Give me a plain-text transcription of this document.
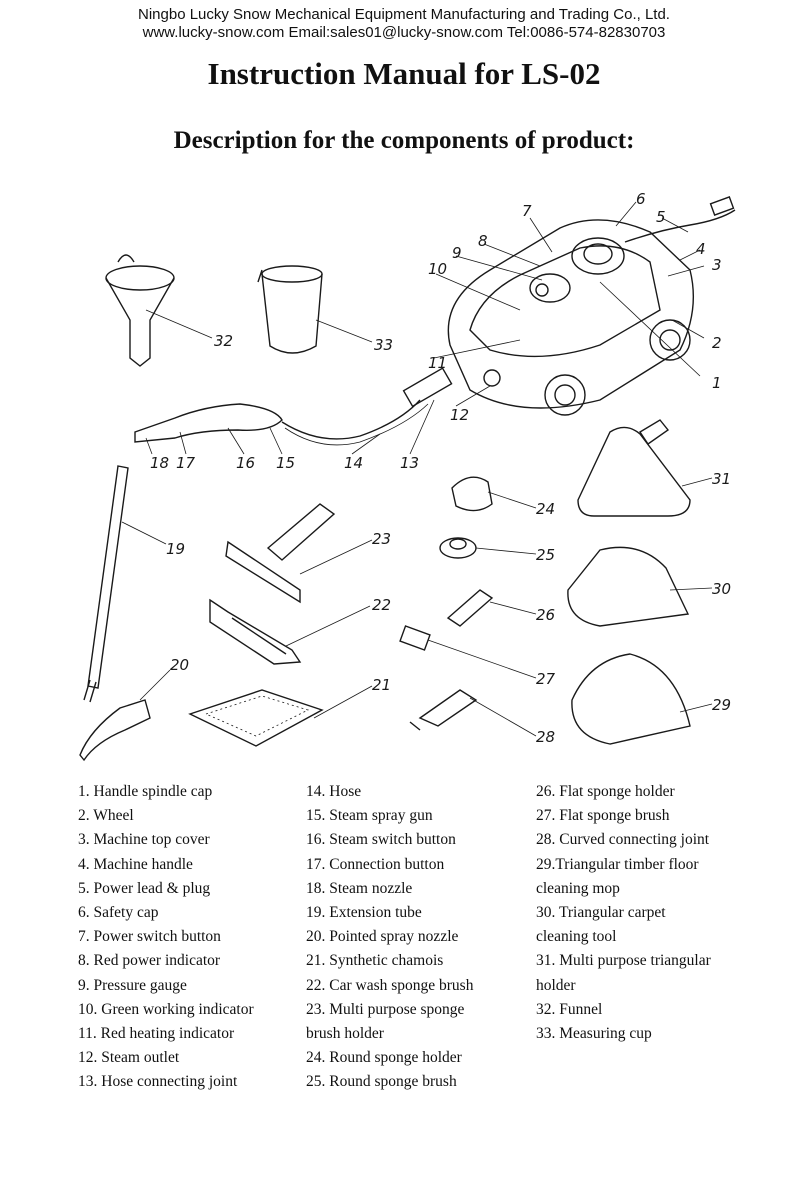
Ningbo Lucky Snow Mechanical Equipment Manufacturing and Trading Co., Ltd.
www.lucky-snow.com Email:sales01@lucky-snow.com Tel:0086-574-82830703
Instruction Manual for LS-02
Description for the components of product:
32	33
1
2
3
4
5
6
7
8
9
10
11
12
13
14
15
16
17
18
19
20
21
22
23
24
25
26
27
28
29
30
31
1. Handle spindle cap
2. Wheel
3. Machine top cover
4. Machine handle
5. Power lead & plug
6. Safety cap
7. Power switch button
8. Red power indicator
9. Pressure gauge
10. Green working indicator
11. Red heating indicator
12. Steam outlet
13. Hose connecting joint
14. Hose
15. Steam spray gun
16. Steam switch button
17. Connection button
18. Steam nozzle
19. Extension tube
20. Pointed spray nozzle
21. Synthetic chamois
22. Car wash sponge brush
23. Multi purpose sponge
brush holder
24. Round sponge holder
25. Round sponge brush
26. Flat sponge holder
27. Flat sponge brush
28. Curved connecting joint
29.Triangular timber floor
cleaning mop
30. Triangular carpet
cleaning tool
31. Multi purpose triangular
holder
32. Funnel
33. Measuring cup
